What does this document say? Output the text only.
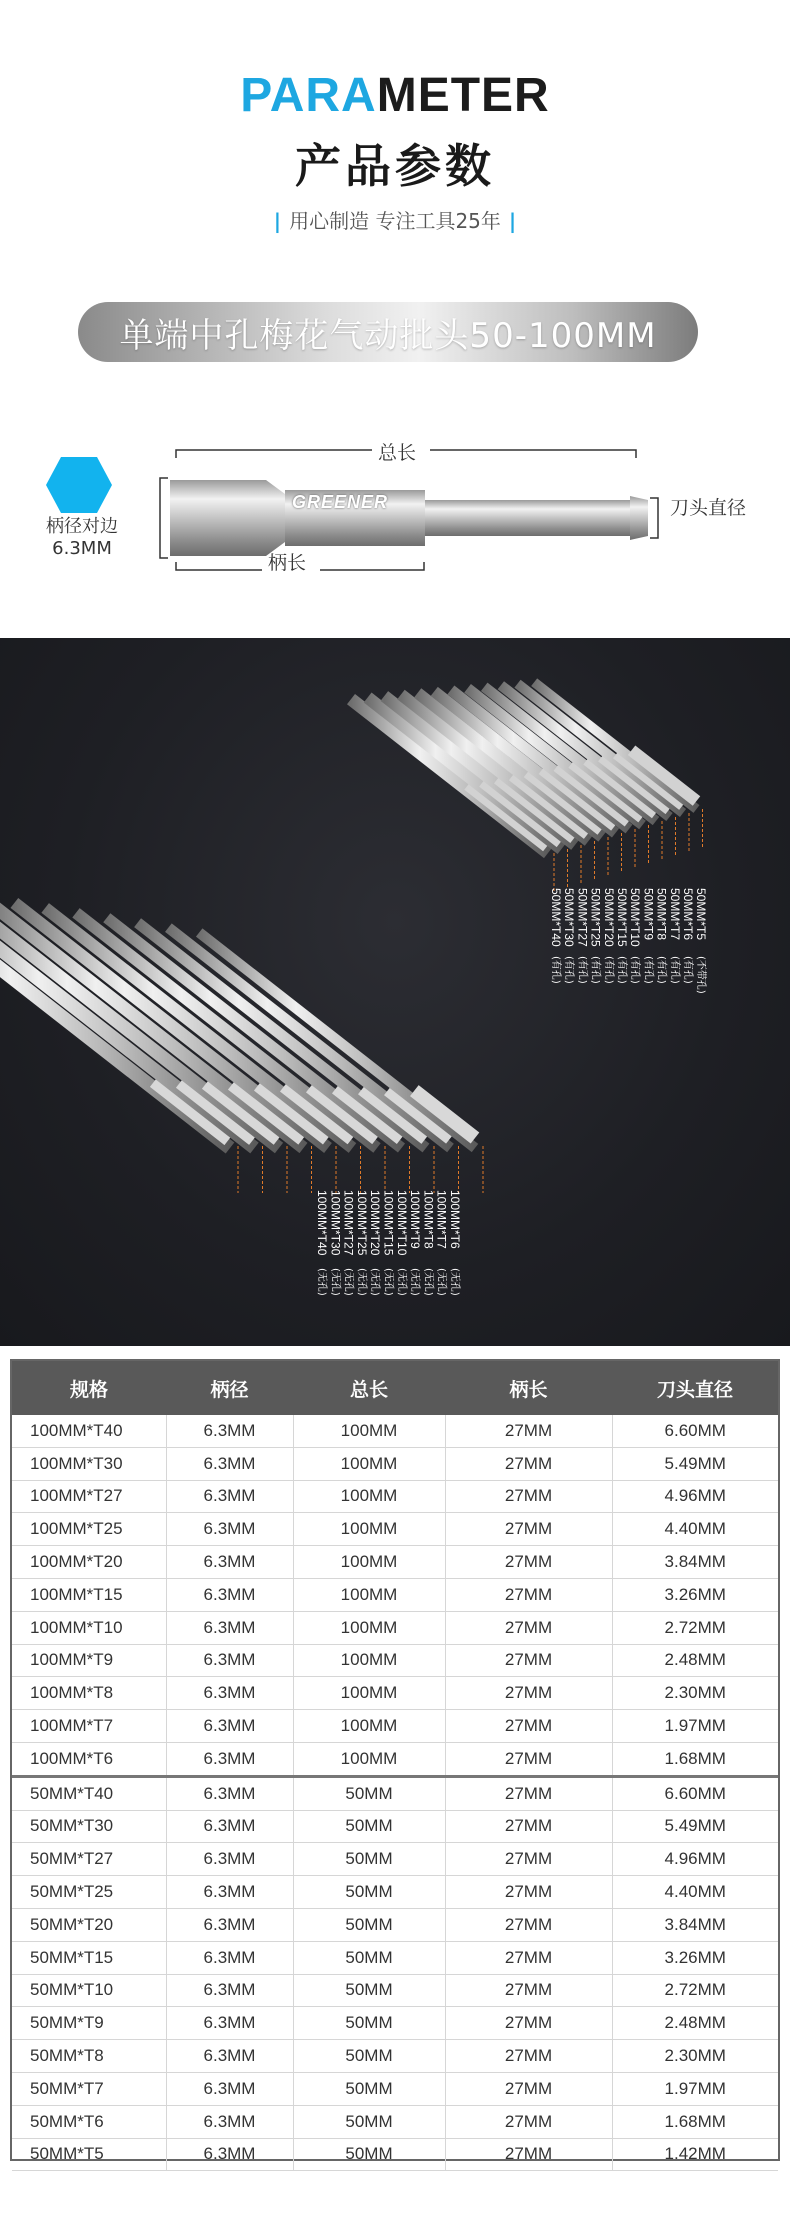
PARAMETER
产品参数
| 用心制造 专注工具25年 |
单端中孔梅花气动批头50-100MM
柄径对边
6.3MM
总长
柄长
刀头直径
GREENER
100MM*T40
(无孔)
100MM*T30
(无孔)
100MM*T27
(无孔)
100MM*T25
(无孔)
100MM*T20
(无孔)
100MM*T15
(无孔)
100MM*T10
(无孔)
100MM*T9
(无孔)
100MM*T8
(无孔)
100MM*T7
(无孔)
100MM*T6
(无孔)
50MM*T40
(有孔)
50MM*T30
(有孔)
50MM*T27
(有孔)
50MM*T25
(有孔)
50MM*T20
(有孔)
50MM*T15
(有孔)
50MM*T10
(有孔)
50MM*T9
(有孔)
50MM*T8
(有孔)
50MM*T7
(有孔)
50MM*T6
(有孔)
50MM*T5
(不带孔)
规格	柄径	总长	柄长	刀头直径
100MM*T40	6.3MM	100MM	27MM	6.60MM
100MM*T30	6.3MM	100MM	27MM	5.49MM
100MM*T27	6.3MM	100MM	27MM	4.96MM
100MM*T25	6.3MM	100MM	27MM	4.40MM
100MM*T20	6.3MM	100MM	27MM	3.84MM
100MM*T15	6.3MM	100MM	27MM	3.26MM
100MM*T10	6.3MM	100MM	27MM	2.72MM
100MM*T9	6.3MM	100MM	27MM	2.48MM
100MM*T8	6.3MM	100MM	27MM	2.30MM
100MM*T7	6.3MM	100MM	27MM	1.97MM
100MM*T6	6.3MM	100MM	27MM	1.68MM
50MM*T40	6.3MM	50MM	27MM	6.60MM
50MM*T30	6.3MM	50MM	27MM	5.49MM
50MM*T27	6.3MM	50MM	27MM	4.96MM
50MM*T25	6.3MM	50MM	27MM	4.40MM
50MM*T20	6.3MM	50MM	27MM	3.84MM
50MM*T15	6.3MM	50MM	27MM	3.26MM
50MM*T10	6.3MM	50MM	27MM	2.72MM
50MM*T9	6.3MM	50MM	27MM	2.48MM
50MM*T8	6.3MM	50MM	27MM	2.30MM
50MM*T7	6.3MM	50MM	27MM	1.97MM
50MM*T6	6.3MM	50MM	27MM	1.68MM
50MM*T5	6.3MM	50MM	27MM	1.42MM
